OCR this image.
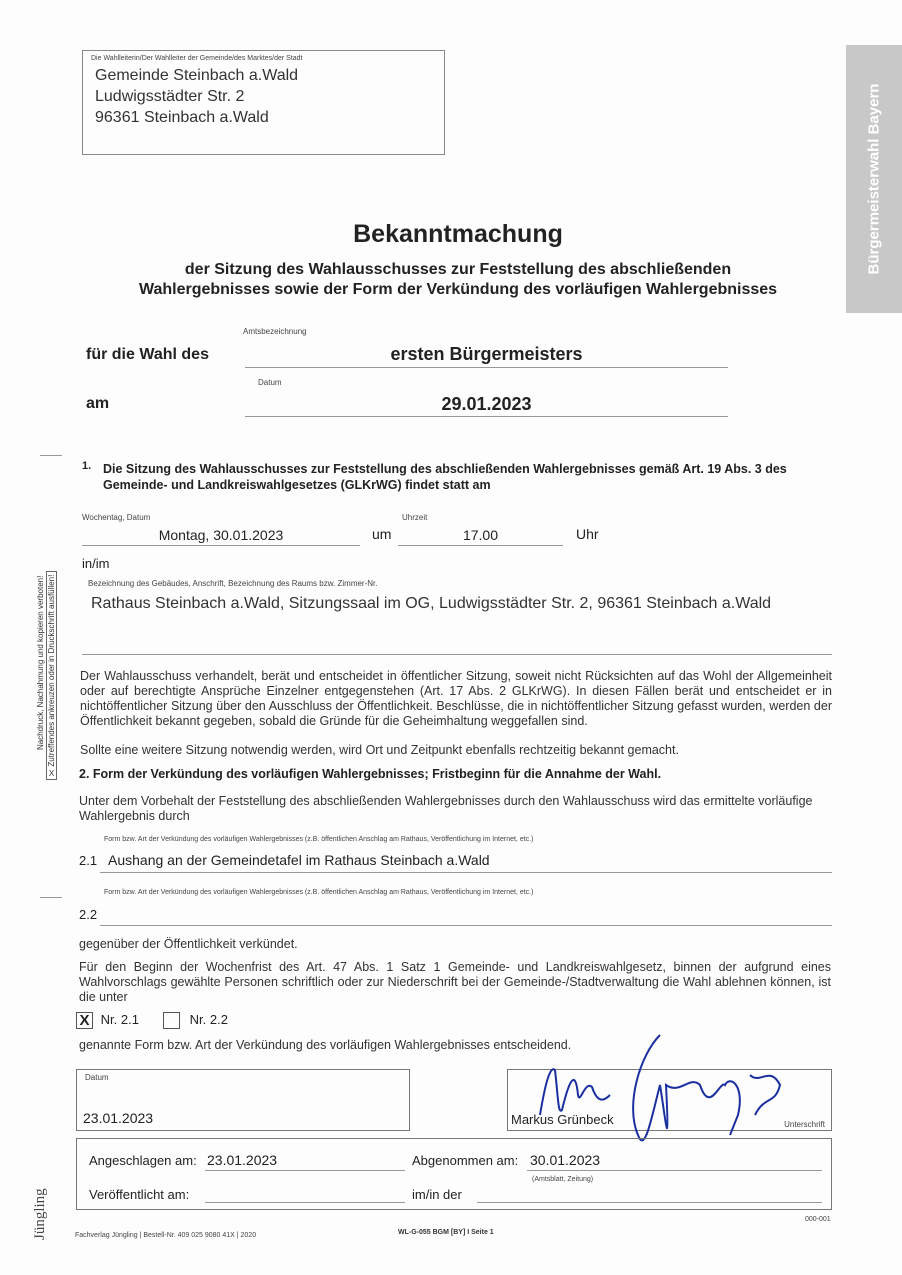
Die Wahlleiterin/Der Wahlleiter der Gemeinde/des Marktes/der Stadt
Gemeinde Steinbach a.Wald
Ludwigsstädter Str. 2
96361 Steinbach a.Wald	Bürgermeisterwahl Bayern
Bekanntmachung
der Sitzung des Wahlausschusses zur Feststellung des abschließenden
Wahlergebnisses sowie der Form der Verkündung des vorläufigen Wahlergebnisses
für die Wahl des
Amtsbezeichnung
ersten Bürgermeisters
am
Datum
29.01.2023
1. Die Sitzung des Wahlausschusses zur Feststellung des abschließenden Wahlergebnisses gemäß Art. 19 Abs. 3 des Gemeinde- und Landkreiswahlgesetzes (GLKrWG) findet statt am
Wochentag, Datum
Montag, 30.01.2023	um
Uhrzeit
17.00	Uhr
in/im
Bezeichnung des Gebäudes, Anschrift, Bezeichnung des Raums bzw. Zimmer-Nr.
Rathaus Steinbach a.Wald, Sitzungssaal im OG, Ludwigsstädter Str. 2, 96361 Steinbach a.Wald
Der Wahlausschuss verhandelt, berät und entscheidet in öffentlicher Sitzung, soweit nicht Rücksichten auf das Wohl der Allgemeinheit oder auf berechtigte Ansprüche Einzelner entgegenstehen (Art. 17 Abs. 2 GLKrWG). In diesen Fällen berät und entscheidet er in nichtöffentlicher Sitzung über den Ausschluss der Öffentlichkeit. Beschlüsse, die in nichtöffentlicher Sitzung gefasst wurden, werden der Öffentlichkeit bekannt gegeben, sobald die Gründe für die Geheimhaltung weggefallen sind.
Sollte eine weitere Sitzung notwendig werden, wird Ort und Zeitpunkt ebenfalls rechtzeitig bekannt gemacht.
2. Form der Verkündung des vorläufigen Wahlergebnisses; Fristbeginn für die Annahme der Wahl.
Unter dem Vorbehalt der Feststellung des abschließenden Wahlergebnisses durch den Wahlausschuss wird das ermittelte vorläufige Wahlergebnis durch
Form bzw. Art der Verkündung des vorläufigen Wahlergebnisses (z.B. öffentlichen Anschlag am Rathaus, Veröffentlichung im Internet, etc.)
2.1 Aushang an der Gemeindetafel im Rathaus Steinbach a.Wald
Form bzw. Art der Verkündung des vorläufigen Wahlergebnisses (z.B. öffentlichen Anschlag am Rathaus, Veröffentlichung im Internet, etc.)
2.2
gegenüber der Öffentlichkeit verkündet.
Für den Beginn der Wochenfrist des Art. 47 Abs. 1 Satz 1 Gemeinde- und Landkreiswahlgesetz, binnen der aufgrund eines Wahlvorschlags gewählte Personen schriftlich oder zur Niederschrift bei der Gemeinde-/Stadtverwaltung die Wahl ablehnen können, ist die unter
X Nr. 2.1	Nr. 2.2
genannte Form bzw. Art der Verkündung des vorläufigen Wahlergebnisses entscheidend.
Datum
23.01.2023	Markus Grünbeck	Unterschrift
Angeschlagen am: 23.01.2023	Abgenommen am: 30.01.2023
(Amtsblatt, Zeitung)
Veröffentlicht am:	im/in der
Nachdruck, Nachahmung und kopieren verboten!
XZutreffendes ankreuzen oder in Druckschrift ausfüllen!
Jüngling	Fachverlag Jüngling | Bestell-Nr. 409 025 9080 41X | 2020	WL-G-055 BGM [BY] I Seite 1
000-001
